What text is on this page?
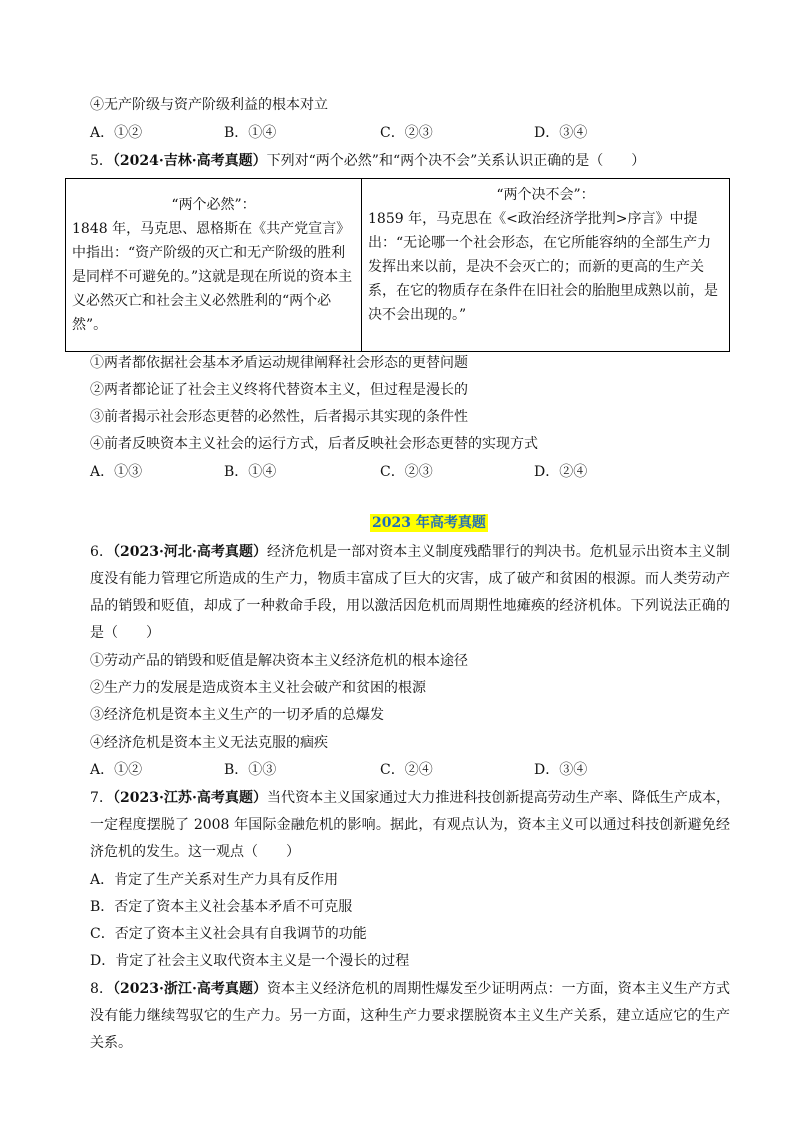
④无产阶级与资产阶级利益的根本对立
A．①②	B．①④	C．②③	D．③④
5．（2024·吉林·高考真题）下列对“两个必然”和“两个决不会”关系认识正确的是（　　）
“两个必然”：
1848 年，马克思、恩格斯在《共产党宣言》中指出：“资产阶级的灭亡和无产阶级的胜利是同样不可避免的。”这就是现在所说的资本主义必然灭亡和社会主义必然胜利的“两个必然”。
“两个决不会”：
1859 年，马克思在《<政治经济学批判>序言》中提出：“无论哪一个社会形态，在它所能容纳的全部生产力发挥出来以前，是决不会灭亡的；而新的更高的生产关系，在它的物质存在条件在旧社会的胎胞里成熟以前，是决不会出现的。”
①两者都依据社会基本矛盾运动规律阐释社会形态的更替问题
②两者都论证了社会主义终将代替资本主义，但过程是漫长的
③前者揭示社会形态更替的必然性，后者揭示其实现的条件性
④前者反映资本主义社会的运行方式，后者反映社会形态更替的实现方式
A．①③	B．①④	C．②③	D．②④
2023 年高考真题
6．（2023·河北·高考真题）经济危机是一部对资本主义制度残酷罪行的判决书。危机显示出资本主义制度没有能力管理它所造成的生产力，物质丰富成了巨大的灾害，成了破产和贫困的根源。而人类劳动产品的销毁和贬值，却成了一种救命手段，用以激活因危机而周期性地瘫痪的经济机体。下列说法正确的是（　　）
①劳动产品的销毁和贬值是解决资本主义经济危机的根本途径
②生产力的发展是造成资本主义社会破产和贫困的根源
③经济危机是资本主义生产的一切矛盾的总爆发
④经济危机是资本主义无法克服的痼疾
A．①②	B．①③	C．②④	D．③④
7．（2023·江苏·高考真题）当代资本主义国家通过大力推进科技创新提高劳动生产率、降低生产成本，一定程度摆脱了 2008 年国际金融危机的影响。据此，有观点认为，资本主义可以通过科技创新避免经济危机的发生。这一观点（　　）
A．肯定了生产关系对生产力具有反作用
B．否定了资本主义社会基本矛盾不可克服
C．否定了资本主义社会具有自我调节的功能
D．肯定了社会主义取代资本主义是一个漫长的过程
8．（2023·浙江·高考真题）资本主义经济危机的周期性爆发至少证明两点：一方面，资本主义生产方式没有能力继续驾驭它的生产力。另一方面，这种生产力要求摆脱资本主义生产关系，建立适应它的生产关系。
